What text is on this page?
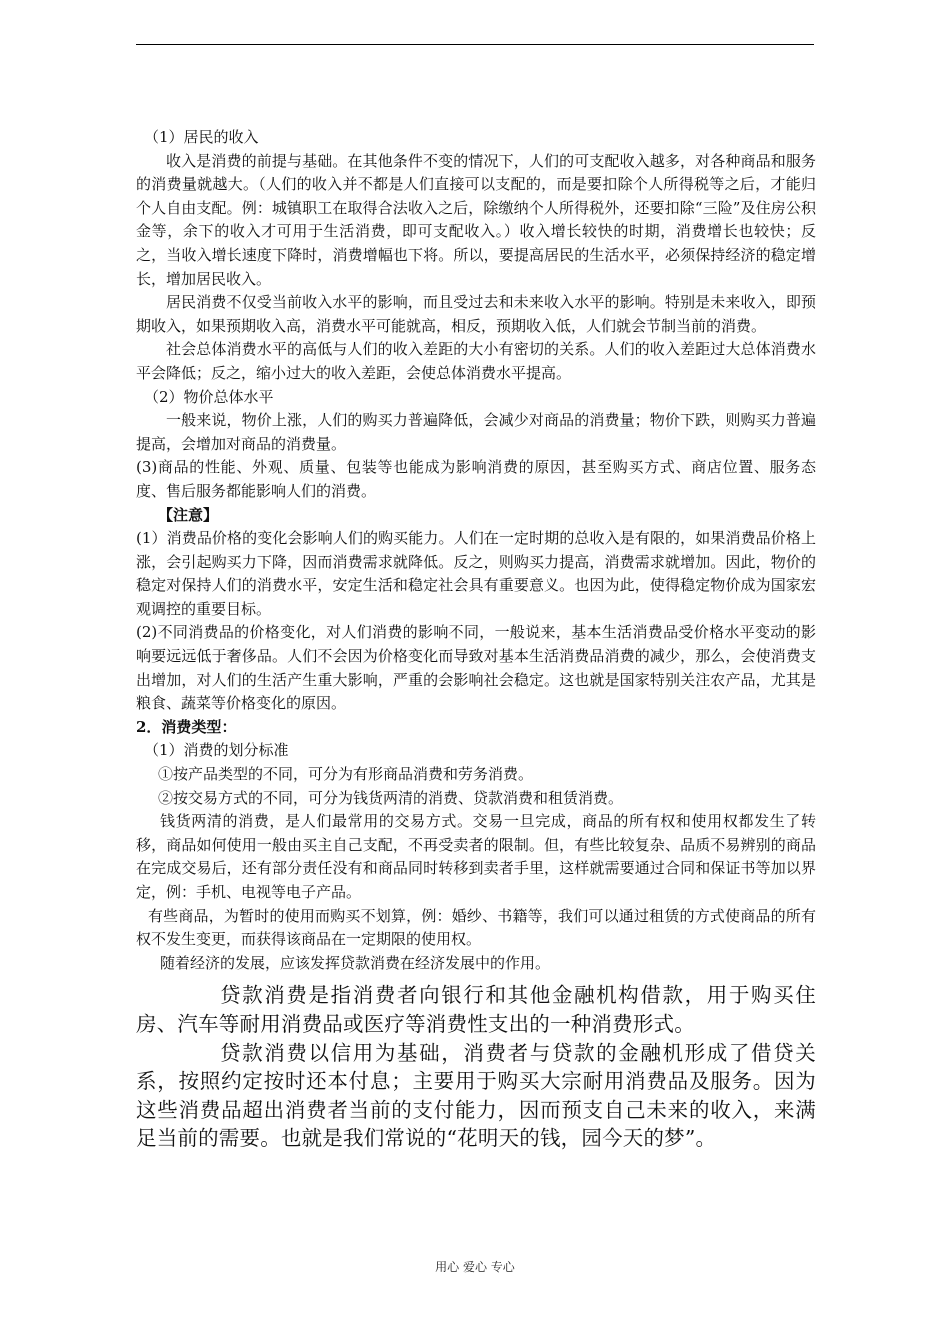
（1）居民的收入

收入是消费的前提与基础。在其他条件不变的情况下，人们的可支配收入越多，对各种商品和服务的消费量就越大。（人们的收入并不都是人们直接可以支配的，而是要扣除个人所得税等之后，才能归个人自由支配。例：城镇职工在取得合法收入之后，除缴纳个人所得税外，还要扣除“三险”及住房公积金等，余下的收入才可用于生活消费，即可支配收入。）收入增长较快的时期，消费增长也较快；反之，当收入增长速度下降时，消费增幅也下将。所以，要提高居民的生活水平，必须保持经济的稳定增长，增加居民收入。

居民消费不仅受当前收入水平的影响，而且受过去和未来收入水平的影响。特别是未来收入，即预期收入，如果预期收入高，消费水平可能就高，相反，预期收入低，人们就会节制当前的消费。

社会总体消费水平的高低与人们的收入差距的大小有密切的关系。人们的收入差距过大总体消费水平会降低；反之，缩小过大的收入差距，会使总体消费水平提高。

（2）物价总体水平

一般来说，物价上涨，人们的购买力普遍降低，会减少对商品的消费量；物价下跌，则购买力普遍提高，会增加对商品的消费量。

(3)商品的性能、外观、质量、包装等也能成为影响消费的原因，甚至购买方式、商店位置、服务态度、售后服务都能影响人们的消费。

【注意】

(1）消费品价格的变化会影响人们的购买能力。人们在一定时期的总收入是有限的，如果消费品价格上涨，会引起购买力下降，因而消费需求就降低。反之，则购买力提高，消费需求就增加。因此，物价的稳定对保持人们的消费水平，安定生活和稳定社会具有重要意义。也因为此，使得稳定物价成为国家宏观调控的重要目标。

(2)不同消费品的价格变化，对人们消费的影响不同，一般说来，基本生活消费品受价格水平变动的影响要远远低于奢侈品。人们不会因为价格变化而导致对基本生活消费品消费的减少，那么，会使消费支出增加，对人们的生活产生重大影响，严重的会影响社会稳定。这也就是国家特别关注农产品，尤其是粮食、蔬菜等价格变化的原因。

2．消费类型：

（1）消费的划分标准

①按产品类型的不同，可分为有形商品消费和劳务消费。

②按交易方式的不同，可分为钱货两清的消费、贷款消费和租赁消费。

钱货两清的消费，是人们最常用的交易方式。交易一旦完成，商品的所有权和使用权都发生了转移，商品如何使用一般由买主自己支配，不再受卖者的限制。但，有些比较复杂、品质不易辨别的商品在完成交易后，还有部分责任没有和商品同时转移到卖者手里，这样就需要通过合同和保证书等加以界定，例：手机、电视等电子产品。

有些商品，为暂时的使用而购买不划算，例：婚纱、书籍等，我们可以通过租赁的方式使商品的所有权不发生变更，而获得该商品在一定期限的使用权。

随着经济的发展，应该发挥贷款消费在经济发展中的作用。

贷款消费是指消费者向银行和其他金融机构借款，用于购买住房、汽车等耐用消费品或医疗等消费性支出的一种消费形式。

贷款消费以信用为基础，消费者与贷款的金融机形成了借贷关系，按照约定按时还本付息；主要用于购买大宗耐用消费品及服务。因为这些消费品超出消费者当前的支付能力，因而预支自己未来的收入，来满足当前的需要。也就是我们常说的“花明天的钱，园今天的梦”。

用心 爱心 专心
